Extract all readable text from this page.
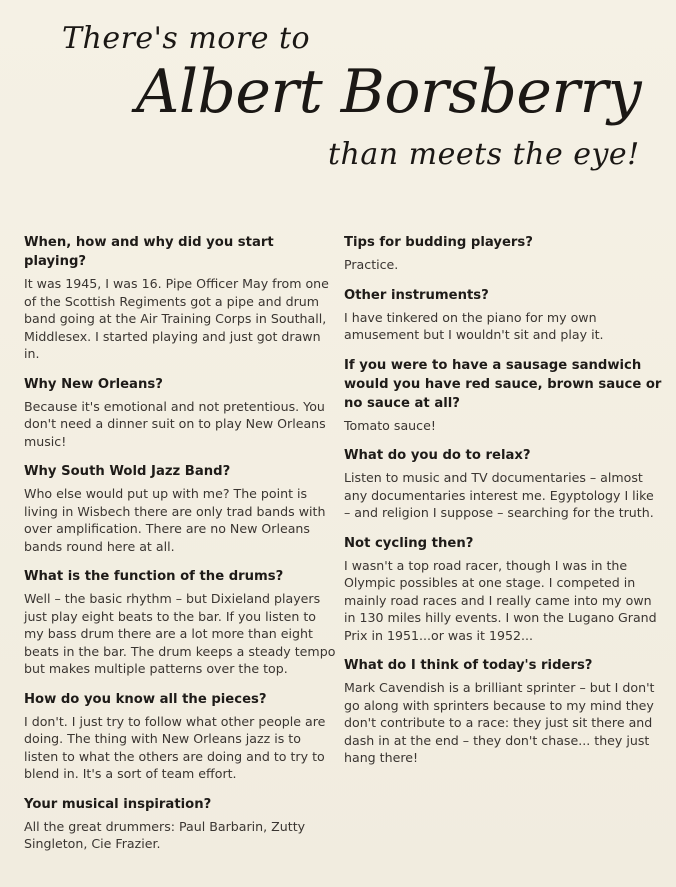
There's more to
Albert Borsberry
than meets the eye!
When, how and why did you start playing?
It was 1945, I was 16. Pipe Officer May from one of the Scottish Regiments got a pipe and drum band going at the Air Training Corps in Southall, Middlesex. I started playing and just got drawn in.
Why New Orleans?
Because it's emotional and not pretentious. You don't need a dinner suit on to play New Orleans music!
Why South Wold Jazz Band?
Who else would put up with me? The point is living in Wisbech there are only trad bands with over amplification. There are no New Orleans bands round here at all.
What is the function of the drums?
Well – the basic rhythm – but Dixieland players just play eight beats to the bar. If you listen to my bass drum there are a lot more than eight beats in the bar. The drum keeps a steady tempo but makes multiple patterns over the top.
How do you know all the pieces?
I don't. I just try to follow what other people are doing. The thing with New Orleans jazz is to listen to what the others are doing and to try to blend in. It's a sort of team effort.
Your musical inspiration?
All the great drummers: Paul Barbarin, Zutty Singleton, Cie Frazier.
Tips for budding players?
Practice.
Other instruments?
I have tinkered on the piano for my own amusement but I wouldn't sit and play it.
If you were to have a sausage sandwich would you have red sauce, brown sauce or no sauce at all?
Tomato sauce!
What do you do to relax?
Listen to music and TV documentaries – almost any documentaries interest me. Egyptology I like – and religion I suppose – searching for the truth.
Not cycling then?
I wasn't a top road racer, though I was in the Olympic possibles at one stage. I competed in mainly road races and I really came into my own in 130 miles hilly events. I won the Lugano Grand Prix in 1951...or was it 1952...
What do I think of today's riders?
Mark Cavendish is a brilliant sprinter – but I don't go along with sprinters because to my mind they don't contribute to a race: they just sit there and dash in at the end – they don't chase... they just hang there!
